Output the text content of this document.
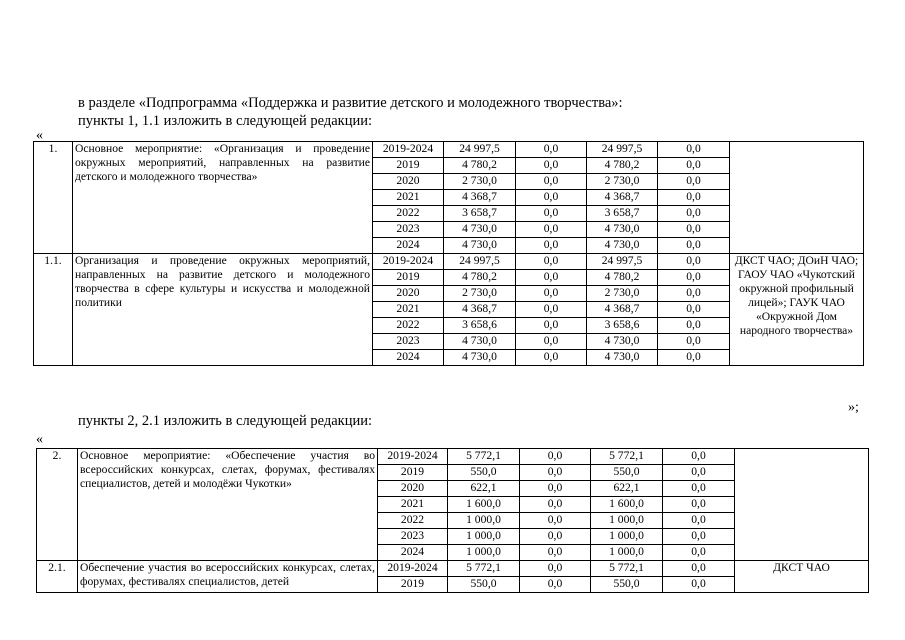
в разделе «Подпрограмма «Поддержка и развитие детского и молодежного творчества»:
пункты 1, 1.1 изложить в следующей редакции:
«
1.	Основное мероприятие: «Организация и проведение окружных мероприятий, направленных на развитие детского и молодежного творчества»	2019-2024	24 997,5	0,0	24 997,5	0,0	
		2019	4 780,2	0,0	4 780,2	0,0	
		2020	2 730,0	0,0	2 730,0	0,0	
		2021	4 368,7	0,0	4 368,7	0,0	
		2022	3 658,7	0,0	3 658,7	0,0	
		2023	4 730,0	0,0	4 730,0	0,0	
		2024	4 730,0	0,0	4 730,0	0,0	
1.1.	Организация и проведение окружных мероприятий, направленных на развитие детского и молодежного творчества в сфере культуры и искусства и молодежной политики	2019-2024	24 997,5	0,0	24 997,5	0,0	ДКСТ ЧАО; ДОиН ЧАО; ГАОУ ЧАО «Чукотский окружной профильный лицей»; ГАУК ЧАО «Окружной Дом народного творчества»
		2019	4 780,2	0,0	4 780,2	0,0	
		2020	2 730,0	0,0	2 730,0	0,0	
		2021	4 368,7	0,0	4 368,7	0,0	
		2022	3 658,6	0,0	3 658,6	0,0	
		2023	4 730,0	0,0	4 730,0	0,0	
		2024	4 730,0	0,0	4 730,0	0,0	
»;
пункты 2, 2.1 изложить в следующей редакции:
«
2.	Основное мероприятие: «Обеспечение участия во всероссийских конкурсах, слетах, форумах, фестивалях специалистов, детей и молодёжи Чукотки»	2019-2024	5 772,1	0,0	5 772,1	0,0	
		2019	550,0	0,0	550,0	0,0	
		2020	622,1	0,0	622,1	0,0	
		2021	1 600,0	0,0	1 600,0	0,0	
		2022	1 000,0	0,0	1 000,0	0,0	
		2023	1 000,0	0,0	1 000,0	0,0	
		2024	1 000,0	0,0	1 000,0	0,0	
2.1.	Обеспечение участия во всероссийских конкурсах, слетах, форумах, фестивалях специалистов, детей	2019-2024	5 772,1	0,0	5 772,1	0,0	ДКСТ ЧАО
		2019	550,0	0,0	550,0	0,0	
